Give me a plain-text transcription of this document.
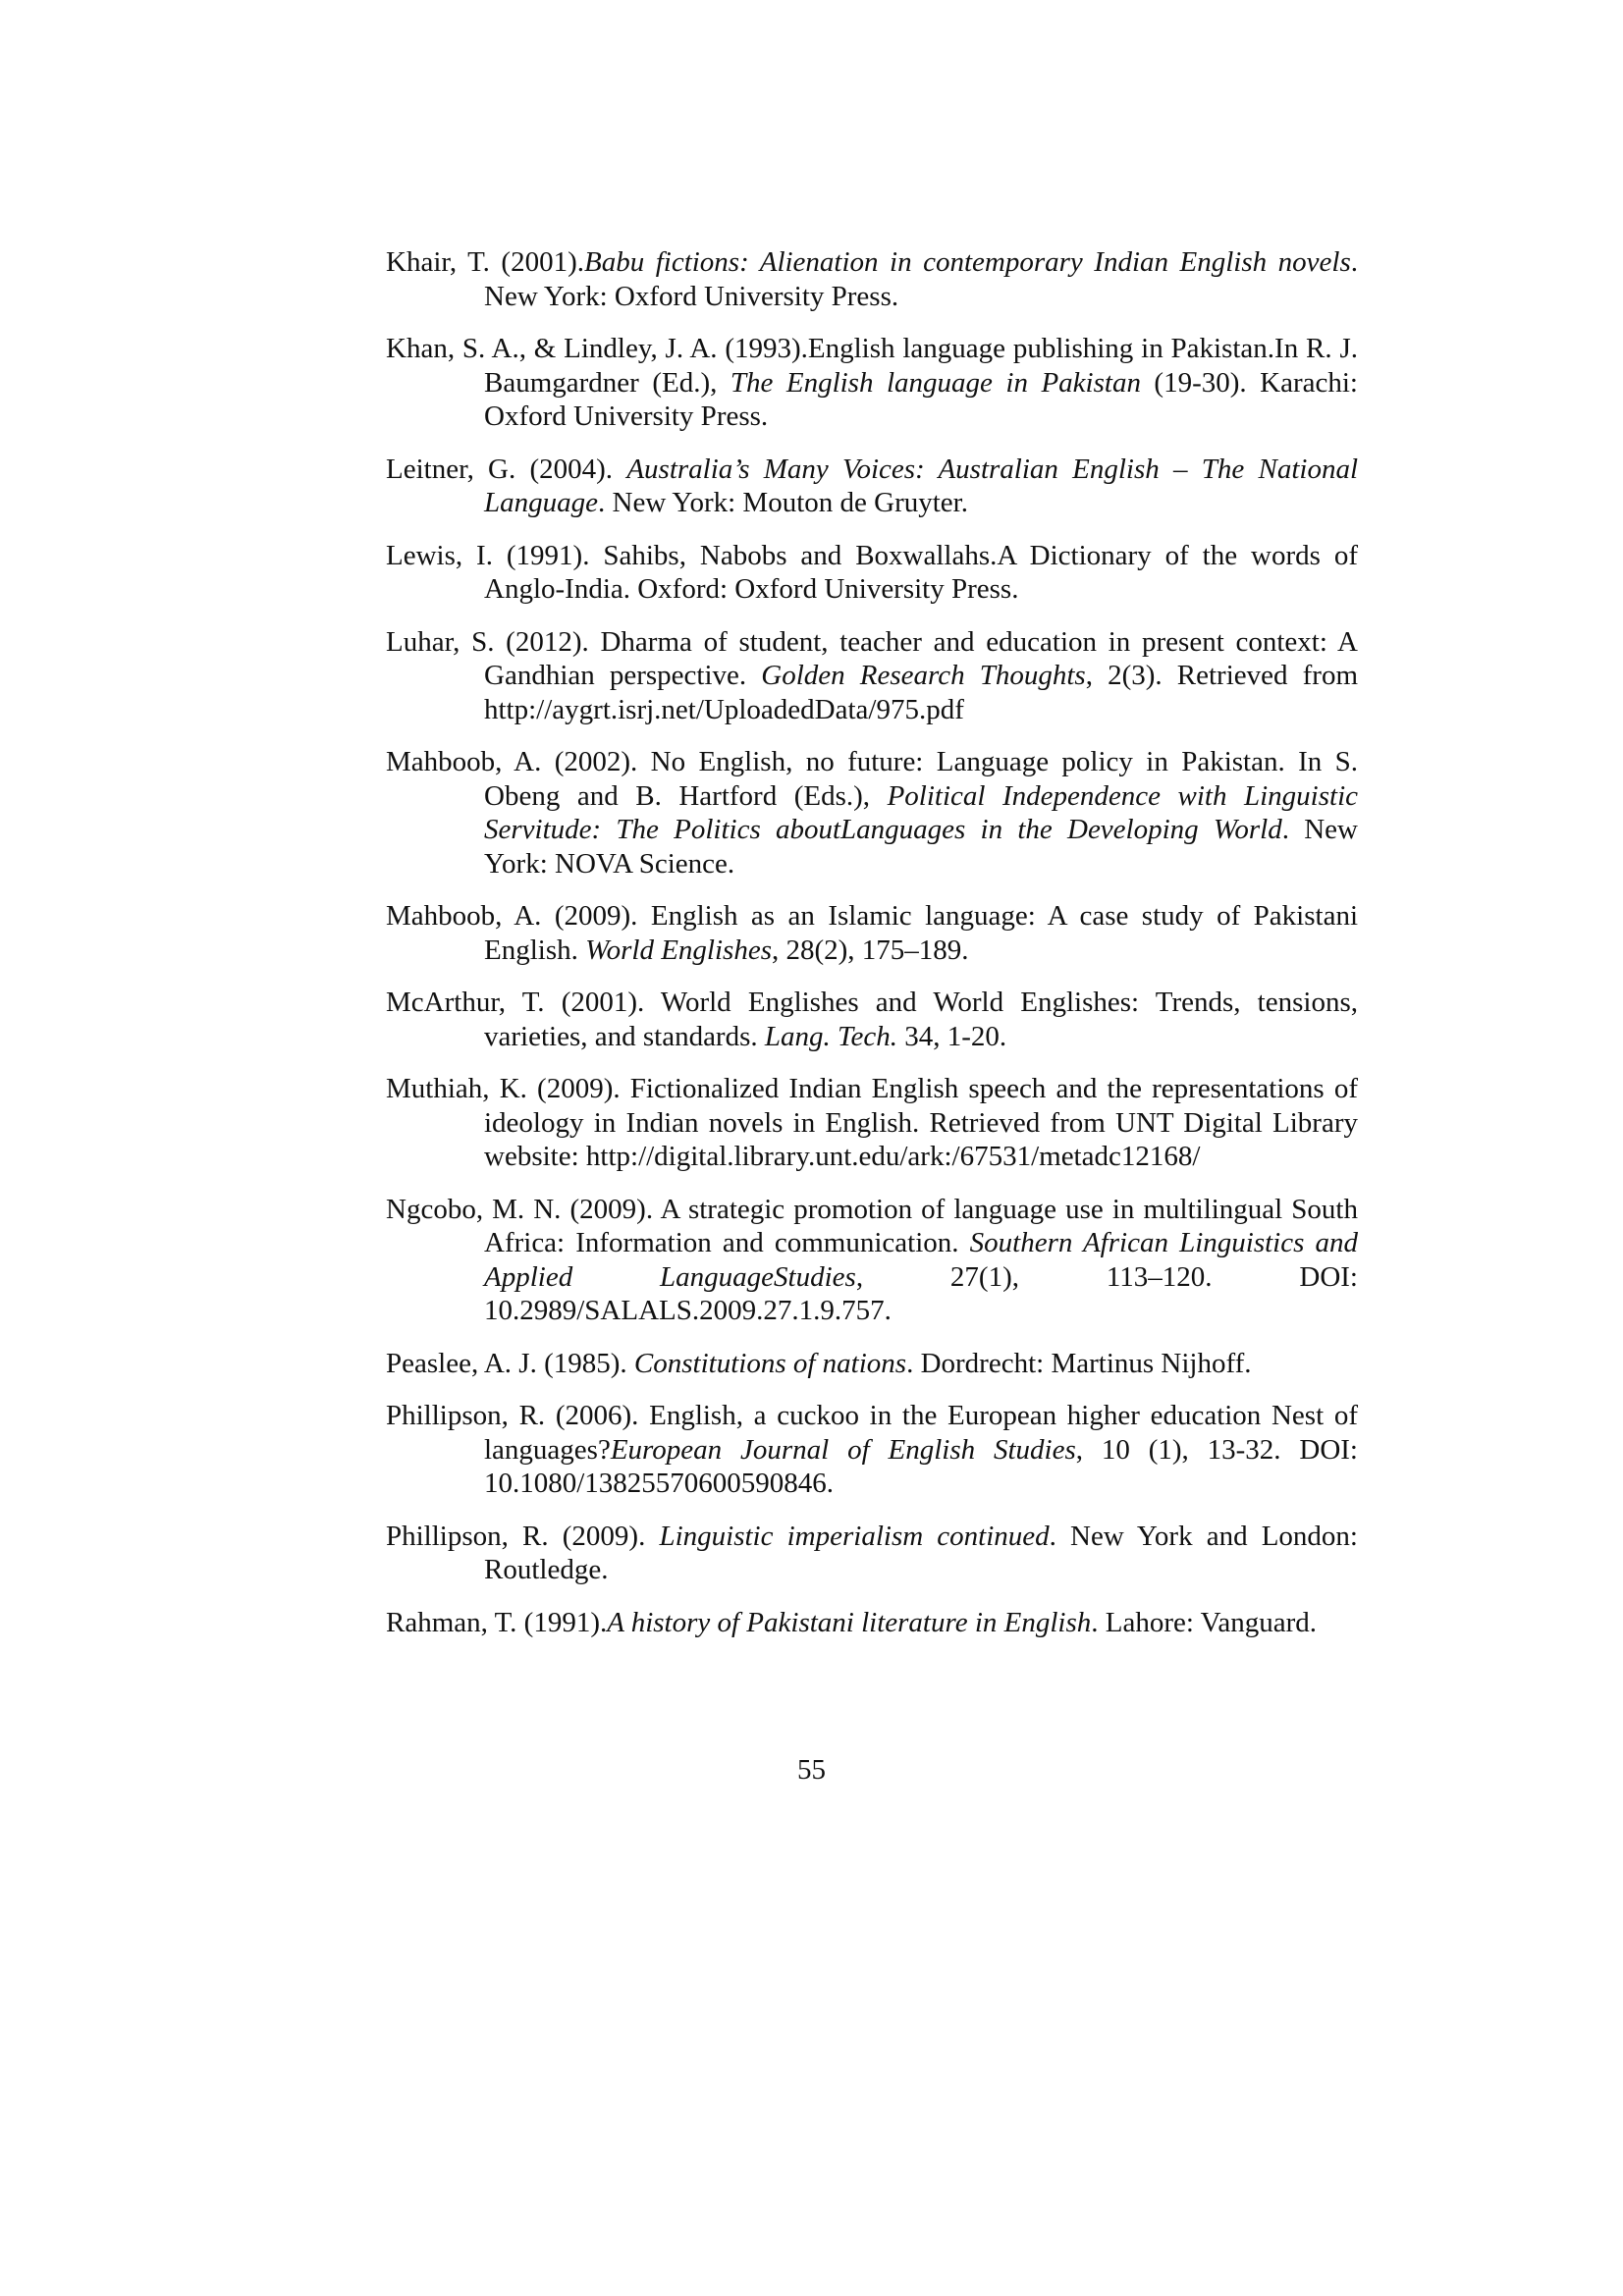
Khair, T. (2001).Babu fictions: Alienation in contemporary Indian English novels. New York: Oxford University Press.

Khan, S. A., & Lindley, J. A. (1993).English language publishing in Pakistan.In R. J. Baumgardner (Ed.), The English language in Pakistan (19-30). Karachi: Oxford University Press.

Leitner, G. (2004). Australia’s Many Voices: Australian English – The National Language. New York: Mouton de Gruyter.

Lewis, I. (1991). Sahibs, Nabobs and Boxwallahs.A Dictionary of the words of Anglo-India. Oxford: Oxford University Press.

Luhar, S. (2012). Dharma of student, teacher and education in present context: A Gandhian perspective. Golden Research Thoughts, 2(3). Retrieved from http://aygrt.isrj.net/UploadedData/975.pdf

Mahboob, A. (2002). No English, no future: Language policy in Pakistan. In S. Obeng and B. Hartford (Eds.), Political Independence with Linguistic Servitude: The Politics aboutLanguages in the Developing World. New York: NOVA Science.

Mahboob, A. (2009). English as an Islamic language: A case study of Pakistani English. World Englishes, 28(2), 175–189.

McArthur, T. (2001). World Englishes and World Englishes: Trends, tensions, varieties, and standards. Lang. Tech. 34, 1-20.

Muthiah, K. (2009). Fictionalized Indian English speech and the representations of ideology in Indian novels in English. Retrieved from UNT Digital Library website: http://digital.library.unt.edu/ark:/67531/metadc12168/

Ngcobo, M. N. (2009). A strategic promotion of language use in multilingual South Africa: Information and communication. Southern African Linguistics and Applied LanguageStudies, 27(1), 113–120. DOI: 10.2989/SALALS.2009.27.1.9.757.

Peaslee, A. J. (1985). Constitutions of nations. Dordrecht: Martinus Nijhoff.

Phillipson, R. (2006). English, a cuckoo in the European higher education Nest of languages?European Journal of English Studies, 10 (1), 13-32. DOI: 10.1080/13825570600590846.

Phillipson, R. (2009). Linguistic imperialism continued. New York and London: Routledge.

Rahman, T. (1991).A history of Pakistani literature in English. Lahore: Vanguard.

55
